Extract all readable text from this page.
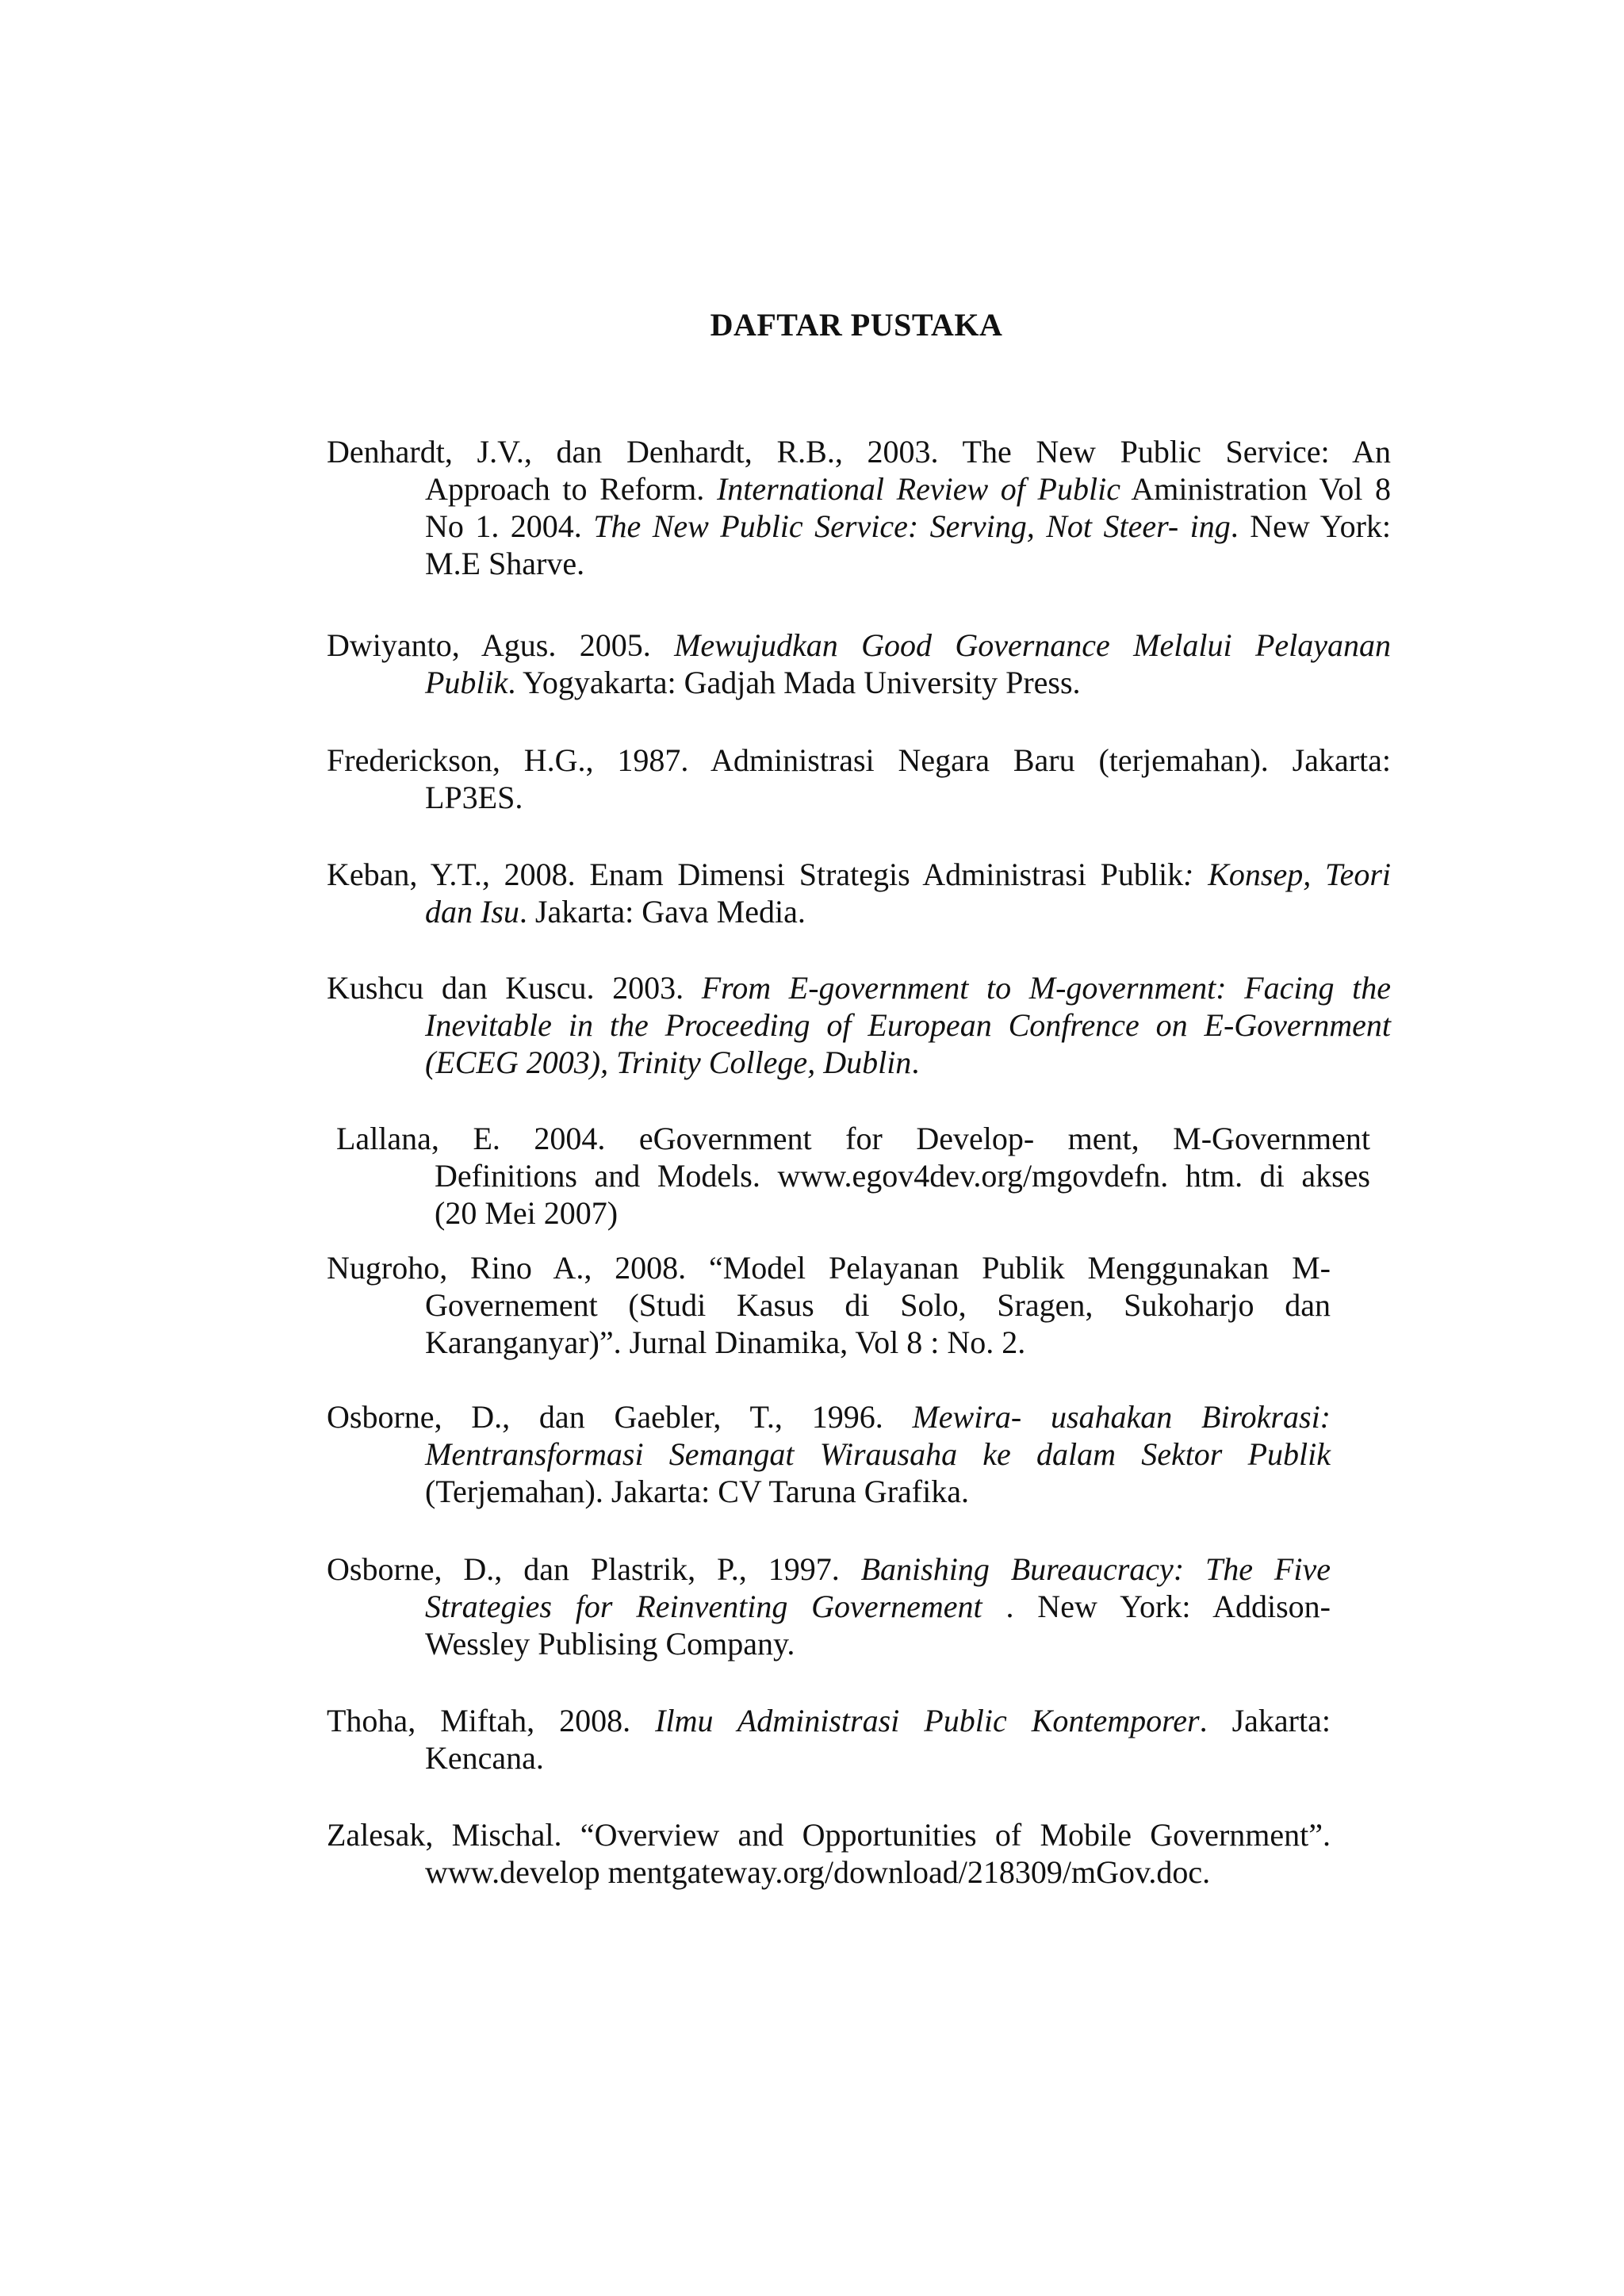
DAFTAR PUSTAKA
Denhardt, J.V., dan Denhardt, R.B., 2003. The New Public Service: An
Approach to Reform. International Review of Public Aministration Vol 8
No 1. 2004. The New Public Service: Serving, Not Steer- ing. New York:
M.E Sharve.
Dwiyanto, Agus. 2005. Mewujudkan Good Governance Melalui Pelayanan
Publik. Yogyakarta: Gadjah Mada University Press.
Frederickson, H.G., 1987. Administrasi Negara Baru (terjemahan). Jakarta:
LP3ES.
Keban, Y.T., 2008. Enam Dimensi Strategis Administrasi Publik: Konsep, Teori
dan Isu. Jakarta: Gava Media.
Kushcu dan Kuscu. 2003. From E-government to M-government: Facing the
Inevitable in the Proceeding of European Confrence on E-Government
(ECEG 2003), Trinity College, Dublin.
Lallana, E. 2004. eGovernment for Develop- ment, M-Government
Definitions and Models. www.egov4dev.org/mgovdefn. htm. di akses
(20 Mei 2007)
Nugroho, Rino A., 2008. “Model Pelayanan Publik Menggunakan M-
Governement (Studi Kasus di Solo, Sragen, Sukoharjo dan
Karanganyar)”. Jurnal Dinamika, Vol 8 : No. 2.
Osborne, D., dan Gaebler, T., 1996. Mewira- usahakan Birokrasi:
Mentransformasi Semangat Wirausaha ke dalam Sektor Publik
(Terjemahan). Jakarta: CV Taruna Grafika.
Osborne, D., dan Plastrik, P., 1997. Banishing Bureaucracy: The Five
Strategies for Reinventing Governement . New York: Addison-
Wessley Publising Company.
Thoha, Miftah, 2008. Ilmu Administrasi Public Kontemporer. Jakarta:
Kencana.
Zalesak, Mischal. “Overview and Opportunities of Mobile Government”.
www.develop mentgateway.org/download/218309/mGov.doc.
